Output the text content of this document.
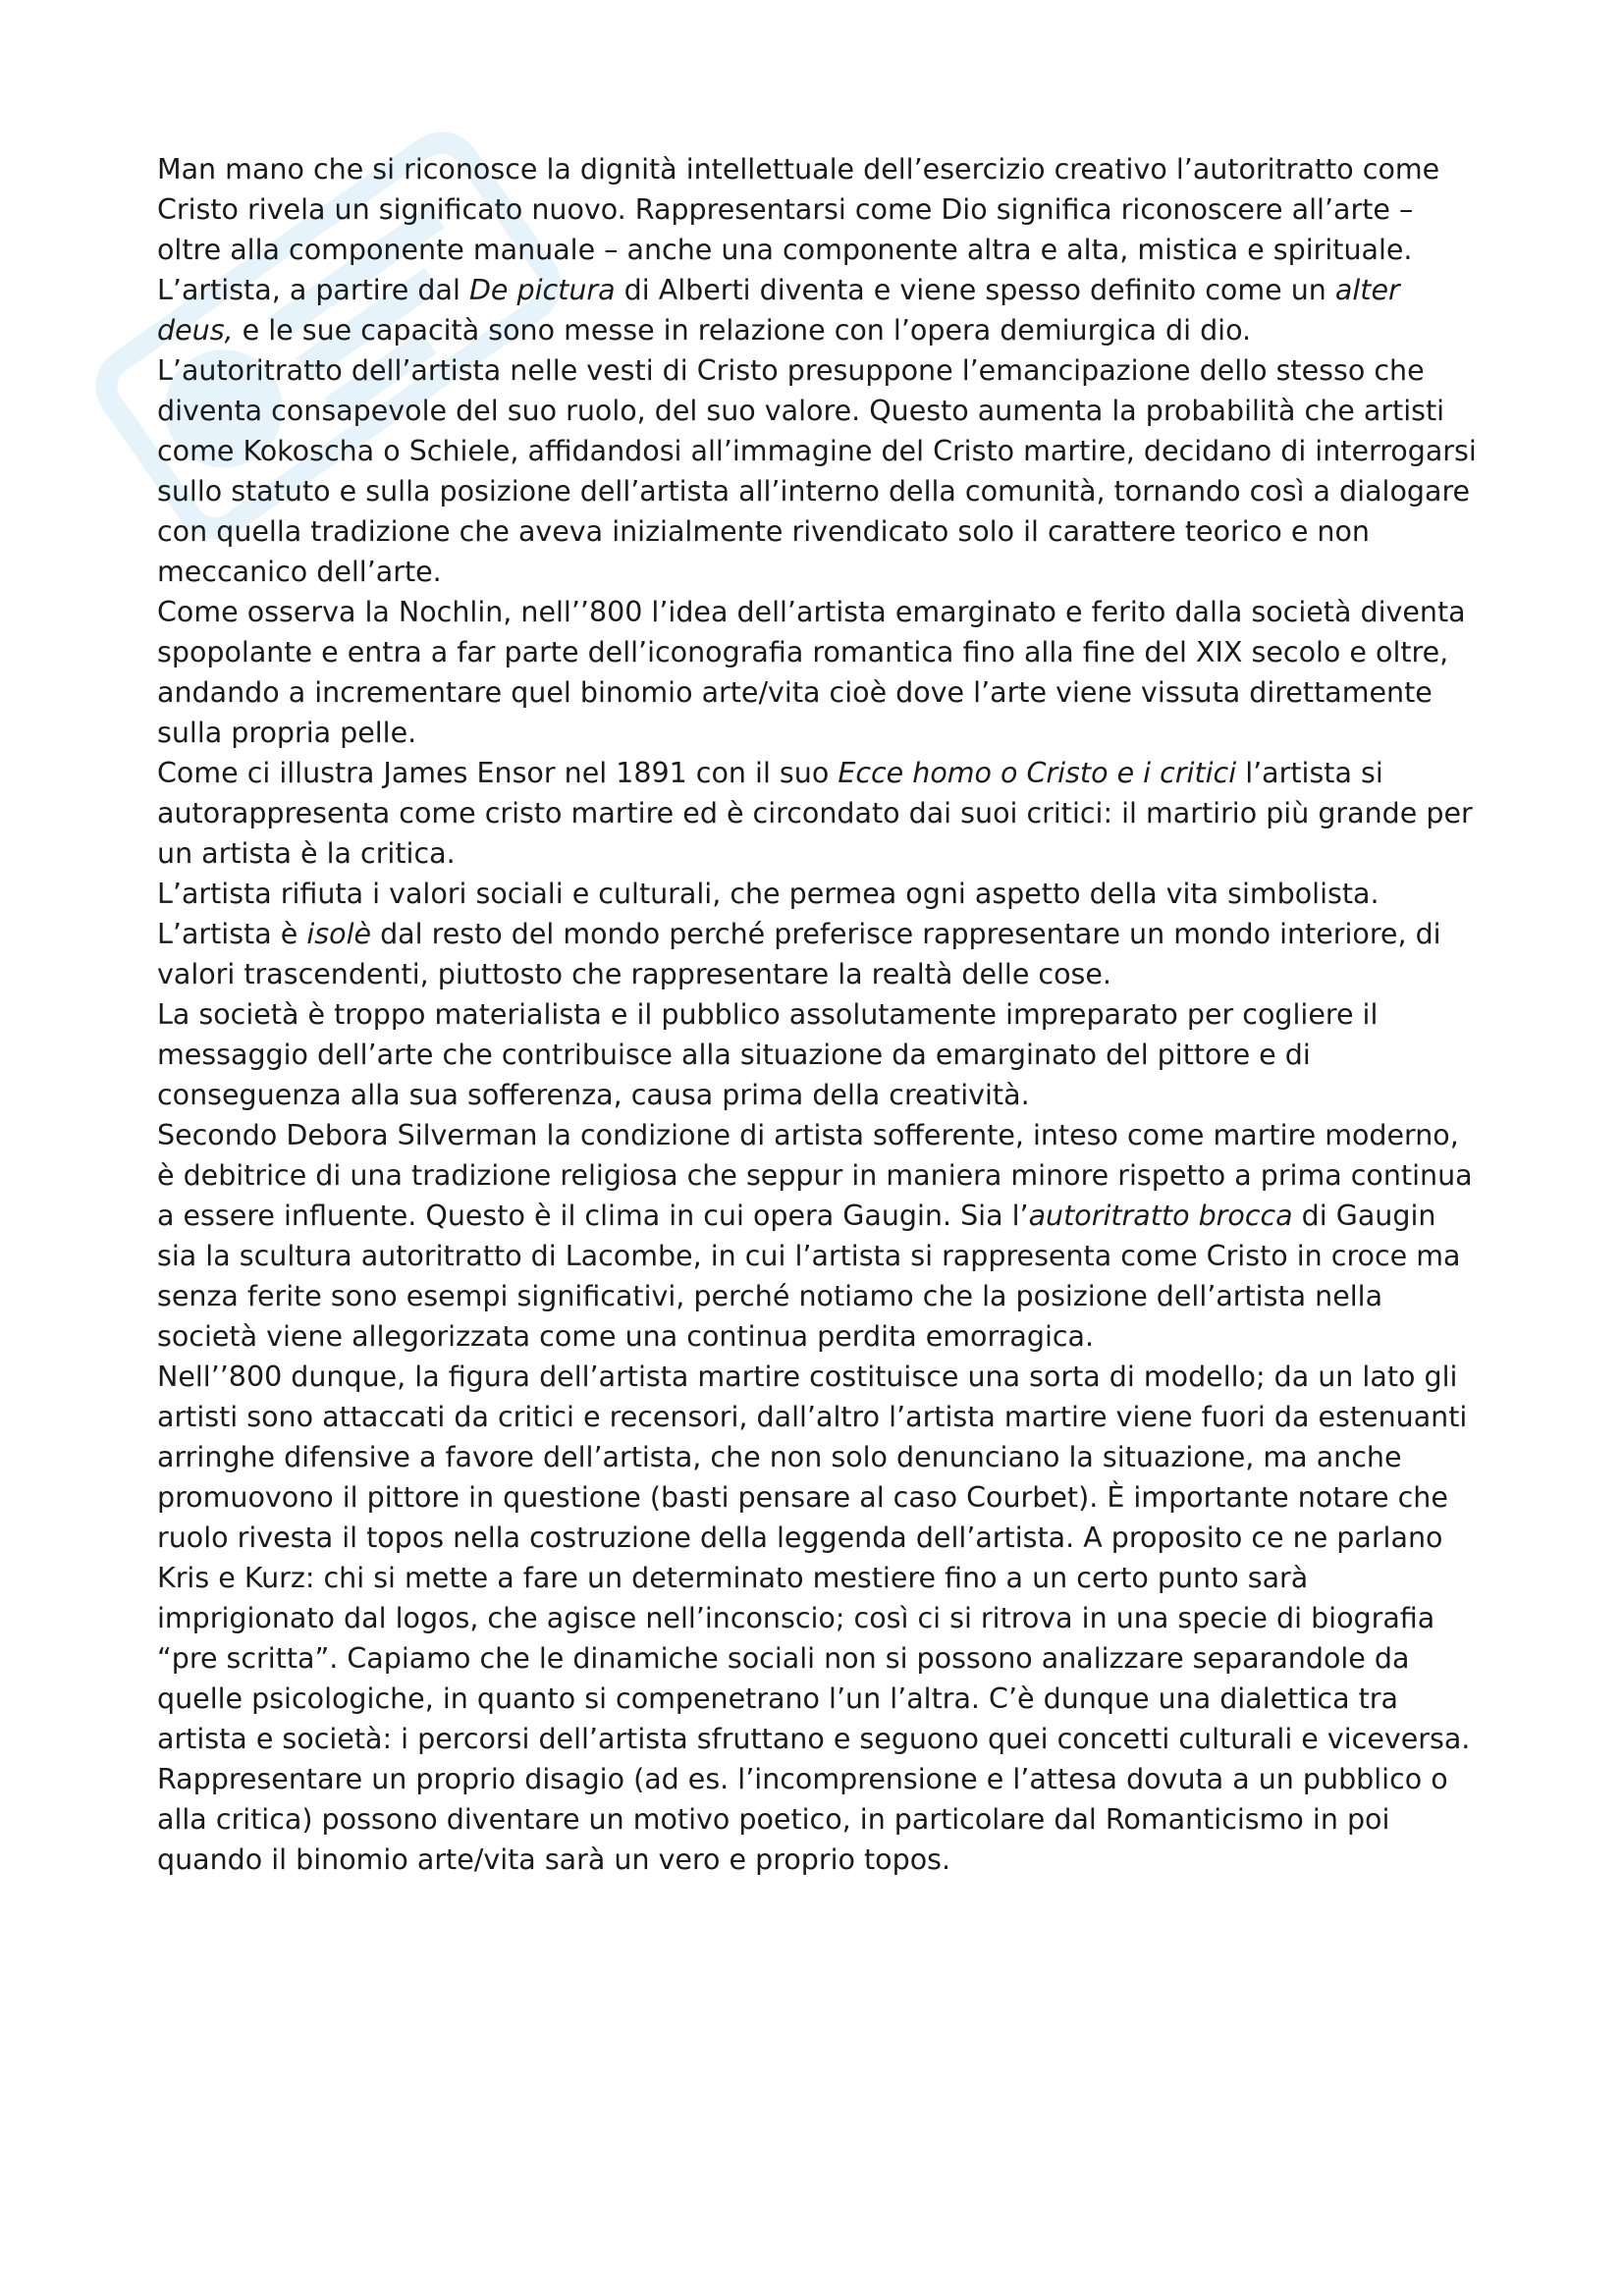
Man mano che si riconosce la dignità intellettuale dell’esercizio creativo l’autoritratto come Cristo rivela un significato nuovo. Rappresentarsi come Dio significa riconoscere all’arte – oltre alla componente manuale – anche una componente altra e alta, mistica e spirituale. L’artista, a partire dal De pictura di Alberti diventa e viene spesso definito come un alter deus, e le sue capacità sono messe in relazione con l’opera demiurgica di dio.

L’autoritratto dell’artista nelle vesti di Cristo presuppone l’emancipazione dello stesso che diventa consapevole del suo ruolo, del suo valore. Questo aumenta la probabilità che artisti come Kokoscha o Schiele, affidandosi all’immagine del Cristo martire, decidano di interrogarsi sullo statuto e sulla posizione dell’artista all’interno della comunità, tornando così a dialogare con quella tradizione che aveva inizialmente rivendicato solo il carattere teorico e non meccanico dell’arte.

Come osserva la Nochlin, nell’’800 l’idea dell’artista emarginato e ferito dalla società diventa spopolante e entra a far parte dell’iconografia romantica fino alla fine del XIX secolo e oltre, andando a incrementare quel binomio arte/vita cioè dove l’arte viene vissuta direttamente sulla propria pelle.

Come ci illustra James Ensor nel 1891 con il suo Ecce homo o Cristo e i critici l’artista si autorappresenta come cristo martire ed è circondato dai suoi critici: il martirio più grande per un artista è la critica.

L’artista rifiuta i valori sociali e culturali, che permea ogni aspetto della vita simbolista. L’artista è isolè dal resto del mondo perché preferisce rappresentare un mondo interiore, di valori trascendenti, piuttosto che rappresentare la realtà delle cose.

La società è troppo materialista e il pubblico assolutamente impreparato per cogliere il messaggio dell’arte che contribuisce alla situazione da emarginato del pittore e di conseguenza alla sua sofferenza, causa prima della creatività.

Secondo Debora Silverman la condizione di artista sofferente, inteso come martire moderno, è debitrice di una tradizione religiosa che seppur in maniera minore rispetto a prima continua a essere influente. Questo è il clima in cui opera Gaugin. Sia l’autoritratto brocca di Gaugin sia la scultura autoritratto di Lacombe, in cui l’artista si rappresenta come Cristo in croce ma senza ferite sono esempi significativi, perché notiamo che la posizione dell’artista nella società viene allegorizzata come una continua perdita emorragica.

Nell’’800 dunque, la figura dell’artista martire costituisce una sorta di modello; da un lato gli artisti sono attaccati da critici e recensori, dall’altro l’artista martire viene fuori da estenuanti arringhe difensive a favore dell’artista, che non solo denunciano la situazione, ma anche promuovono il pittore in questione (basti pensare al caso Courbet). È importante notare che ruolo rivesta il topos nella costruzione della leggenda dell’artista. A proposito ce ne parlano Kris e Kurz: chi si mette a fare un determinato mestiere fino a un certo punto sarà imprigionato dal logos, che agisce nell’inconscio; così ci si ritrova in una specie di biografia “pre scritta”. Capiamo che le dinamiche sociali non si possono analizzare separandole da quelle psicologiche, in quanto si compenetrano l’un l’altra. C’è dunque una dialettica tra artista e società: i percorsi dell’artista sfruttano e seguono quei concetti culturali e viceversa.

Rappresentare un proprio disagio (ad es. l’incomprensione e l’attesa dovuta a un pubblico o alla critica) possono diventare un motivo poetico, in particolare dal Romanticismo in poi quando il binomio arte/vita sarà un vero e proprio topos.
